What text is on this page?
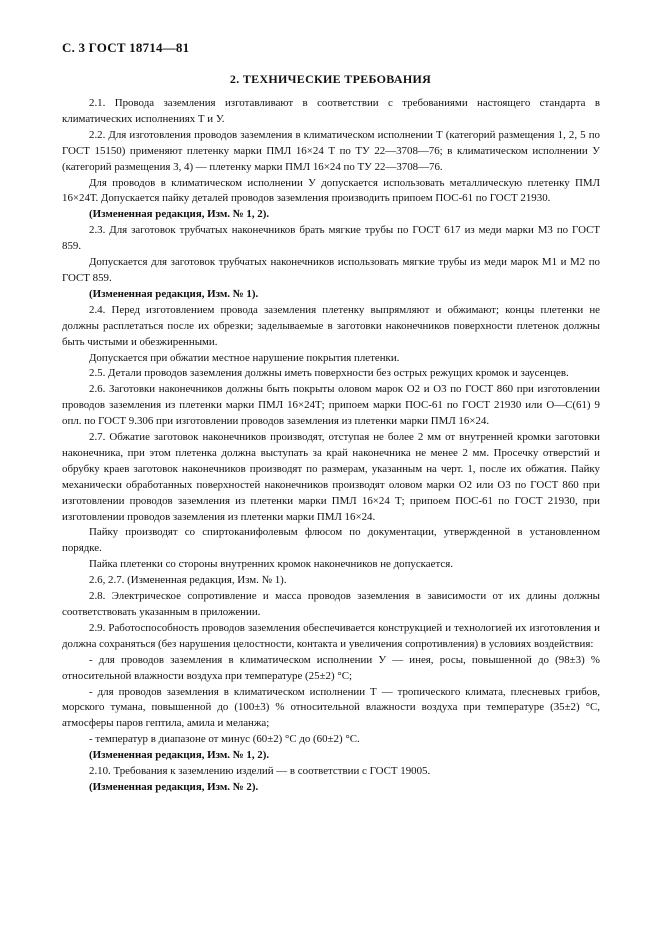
С. 3 ГОСТ 18714—81
2. ТЕХНИЧЕСКИЕ ТРЕБОВАНИЯ

2.1. Провода заземления изготавливают в соответствии с требованиями настоящего стандарта в климатических исполнениях Т и У.

2.2. Для изготовления проводов заземления в климатическом исполнении Т (категорий размещения 1, 2, 5 по ГОСТ 15150) применяют плетенку марки ПМЛ 16×24 Т по ТУ 22—3708—76; в климатическом исполнении У (категорий размещения 3, 4) — плетенку марки ПМЛ 16×24 по ТУ 22—3708—76.

Для проводов в климатическом исполнении У допускается использовать металлическую плетенку ПМЛ 16×24Т. Допускается пайку деталей проводов заземления производить припоем ПОС-61 по ГОСТ 21930.

(Измененная редакция, Изм. № 1, 2).

2.3. Для заготовок трубчатых наконечников брать мягкие трубы по ГОСТ 617 из меди марки М3 по ГОСТ 859.

Допускается для заготовок трубчатых наконечников использовать мягкие трубы из меди марок М1 и М2 по ГОСТ 859.

(Измененная редакция, Изм. № 1).

2.4. Перед изготовлением провода заземления плетенку выпрямляют и обжимают; концы плетенки не должны расплетаться после их обрезки; заделываемые в заготовки наконечников поверхности плетенок должны быть чистыми и обезжиренными.

Допускается при обжатии местное нарушение покрытия плетенки.

2.5. Детали проводов заземления должны иметь поверхности без острых режущих кромок и заусенцев.

2.6. Заготовки наконечников должны быть покрыты оловом марок О2 и О3 по ГОСТ 860 при изготовлении проводов заземления из плетенки марки ПМЛ 16×24Т; припоем марки ПОС-61 по ГОСТ 21930 или О—С(61) 9 опл. по ГОСТ 9.306 при изготовлении проводов заземления из плетенки марки ПМЛ 16×24.

2.7. Обжатие заготовок наконечников производят, отступая не более 2 мм от внутренней кромки заготовки наконечника, при этом плетенка должна выступать за край наконечника не менее 2 мм. Просечку отверстий и обрубку краев заготовок наконечников производят по размерам, указанным на черт. 1, после их обжатия. Пайку механически обработанных поверхностей наконечников производят оловом марки О2 или О3 по ГОСТ 860 при изготовлении проводов заземления из плетенки марки ПМЛ 16×24 Т; припоем ПОС-61 по ГОСТ 21930, при изготовлении проводов заземления из плетенки марки ПМЛ 16×24.

Пайку производят со спиртоканифолевым флюсом по документации, утвержденной в установленном порядке.

Пайка плетенки со стороны внутренних кромок наконечников не допускается.

2.6, 2.7. (Измененная редакция, Изм. № 1).

2.8. Электрическое сопротивление и масса проводов заземления в зависимости от их длины должны соответствовать указанным в приложении.

2.9. Работоспособность проводов заземления обеспечивается конструкцией и технологией их изготовления и должна сохраняться (без нарушения целостности, контакта и увеличения сопротивления) в условиях воздействия:

- для проводов заземления в климатическом исполнении У — инея, росы, повышенной до (98±3) % относительной влажности воздуха при температуре (25±2) °С;

- для проводов заземления в климатическом исполнении Т — тропического климата, плесневых грибов, морского тумана, повышенной до (100±3) % относительной влажности воздуха при температуре (35±2) °С, атмосферы паров гептила, амила и меланжа;

- температур в диапазоне от минус (60±2) °С до (60±2) °С.

(Измененная редакция, Изм. № 1, 2).

2.10. Требования к заземлению изделий — в соответствии с ГОСТ 19005.

(Измененная редакция, Изм. № 2).
